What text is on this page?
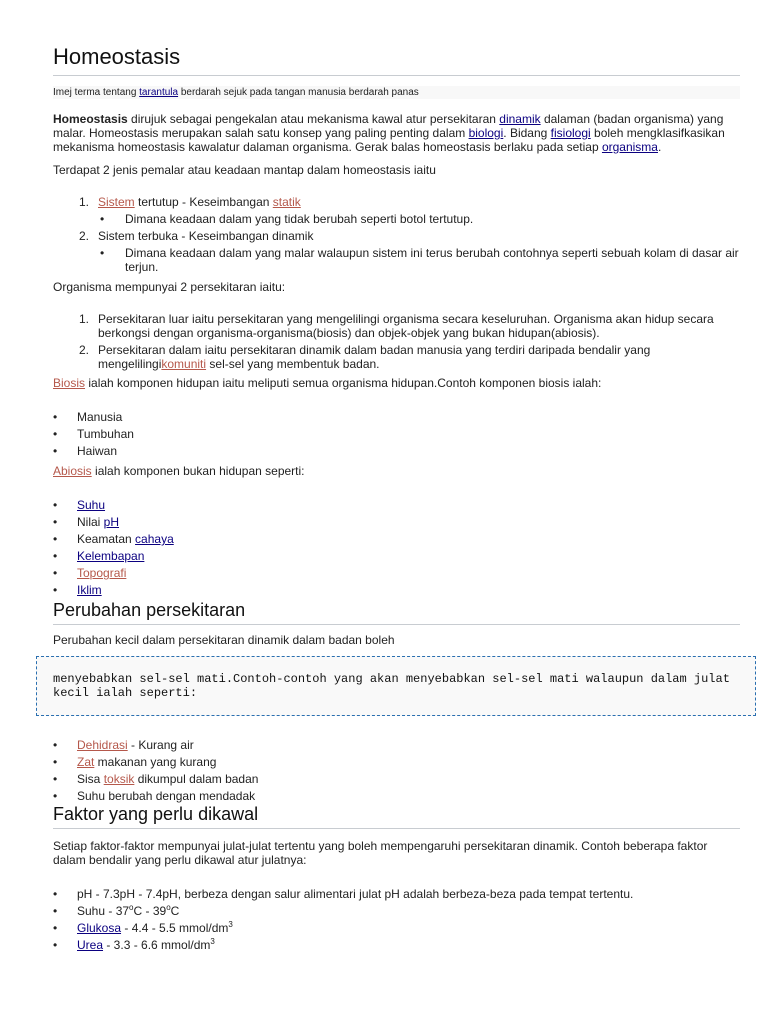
Homeostasis
Imej terma tentang tarantula berdarah sejuk pada tangan manusia berdarah panas

Homeostasis dirujuk sebagai pengekalan atau mekanisma kawal atur persekitaran dinamik dalaman (badan organisma) yang malar. Homeostasis merupakan salah satu konsep yang paling penting dalam biologi. Bidang fisiologi boleh mengklasifkasikan mekanisma homeostasis kawalatur dalaman organisma. Gerak balas homeostasis berlaku pada setiap organisma.

Terdapat 2 jenis pemalar atau keadaan mantap dalam homeostasis iaitu

1. Sistem tertutup - Keseimbangan statik
• Dimana keadaan dalam yang tidak berubah seperti botol tertutup.
2. Sistem terbuka - Keseimbangan dinamik
• Dimana keadaan dalam yang malar walaupun sistem ini terus berubah contohnya seperti sebuah kolam di dasar air terjun.

Organisma mempunyai 2 persekitaran iaitu:

1. Persekitaran luar iaitu persekitaran yang mengelilingi organisma secara keseluruhan. Organisma akan hidup secara berkongsi dengan organisma-organisma(biosis) dan objek-objek yang bukan hidupan(abiosis).
2. Persekitaran dalam iaitu persekitaran dinamik dalam badan manusia yang terdiri daripada bendalir yang mengelilingikomuniti sel-sel yang membentuk badan.

Biosis ialah komponen hidupan iaitu meliputi semua organisma hidupan.Contoh komponen biosis ialah:

• Manusia
• Tumbuhan
• Haiwan

Abiosis ialah komponen bukan hidupan seperti:

• Suhu
• Nilai pH
• Keamatan cahaya
• Kelembapan
• Topografi
• Iklim
Perubahan persekitaran

Perubahan kecil dalam persekitaran dinamik dalam badan boleh

menyebabkan sel-sel mati.Contoh-contoh yang akan menyebabkan sel-sel mati walaupun dalam julat kecil ialah seperti:
• Dehidrasi - Kurang air
• Zat makanan yang kurang
• Sisa toksik dikumpul dalam badan
• Suhu berubah dengan mendadak
Faktor yang perlu dikawal

Setiap faktor-faktor mempunyai julat-julat tertentu yang boleh mempengaruhi persekitaran dinamik. Contoh beberapa faktor dalam bendalir yang perlu dikawal atur julatnya:

• pH - 7.3pH - 7.4pH, berbeza dengan salur alimentari julat pH adalah berbeza-beza pada tempat tertentu.
• Suhu - 37$^o$C - 39$^o$C
• Glukosa - 4.4 - 5.5 mmol/$dm^3$
• Urea - 3.3 - 6.6 mmol/$dm^3$
